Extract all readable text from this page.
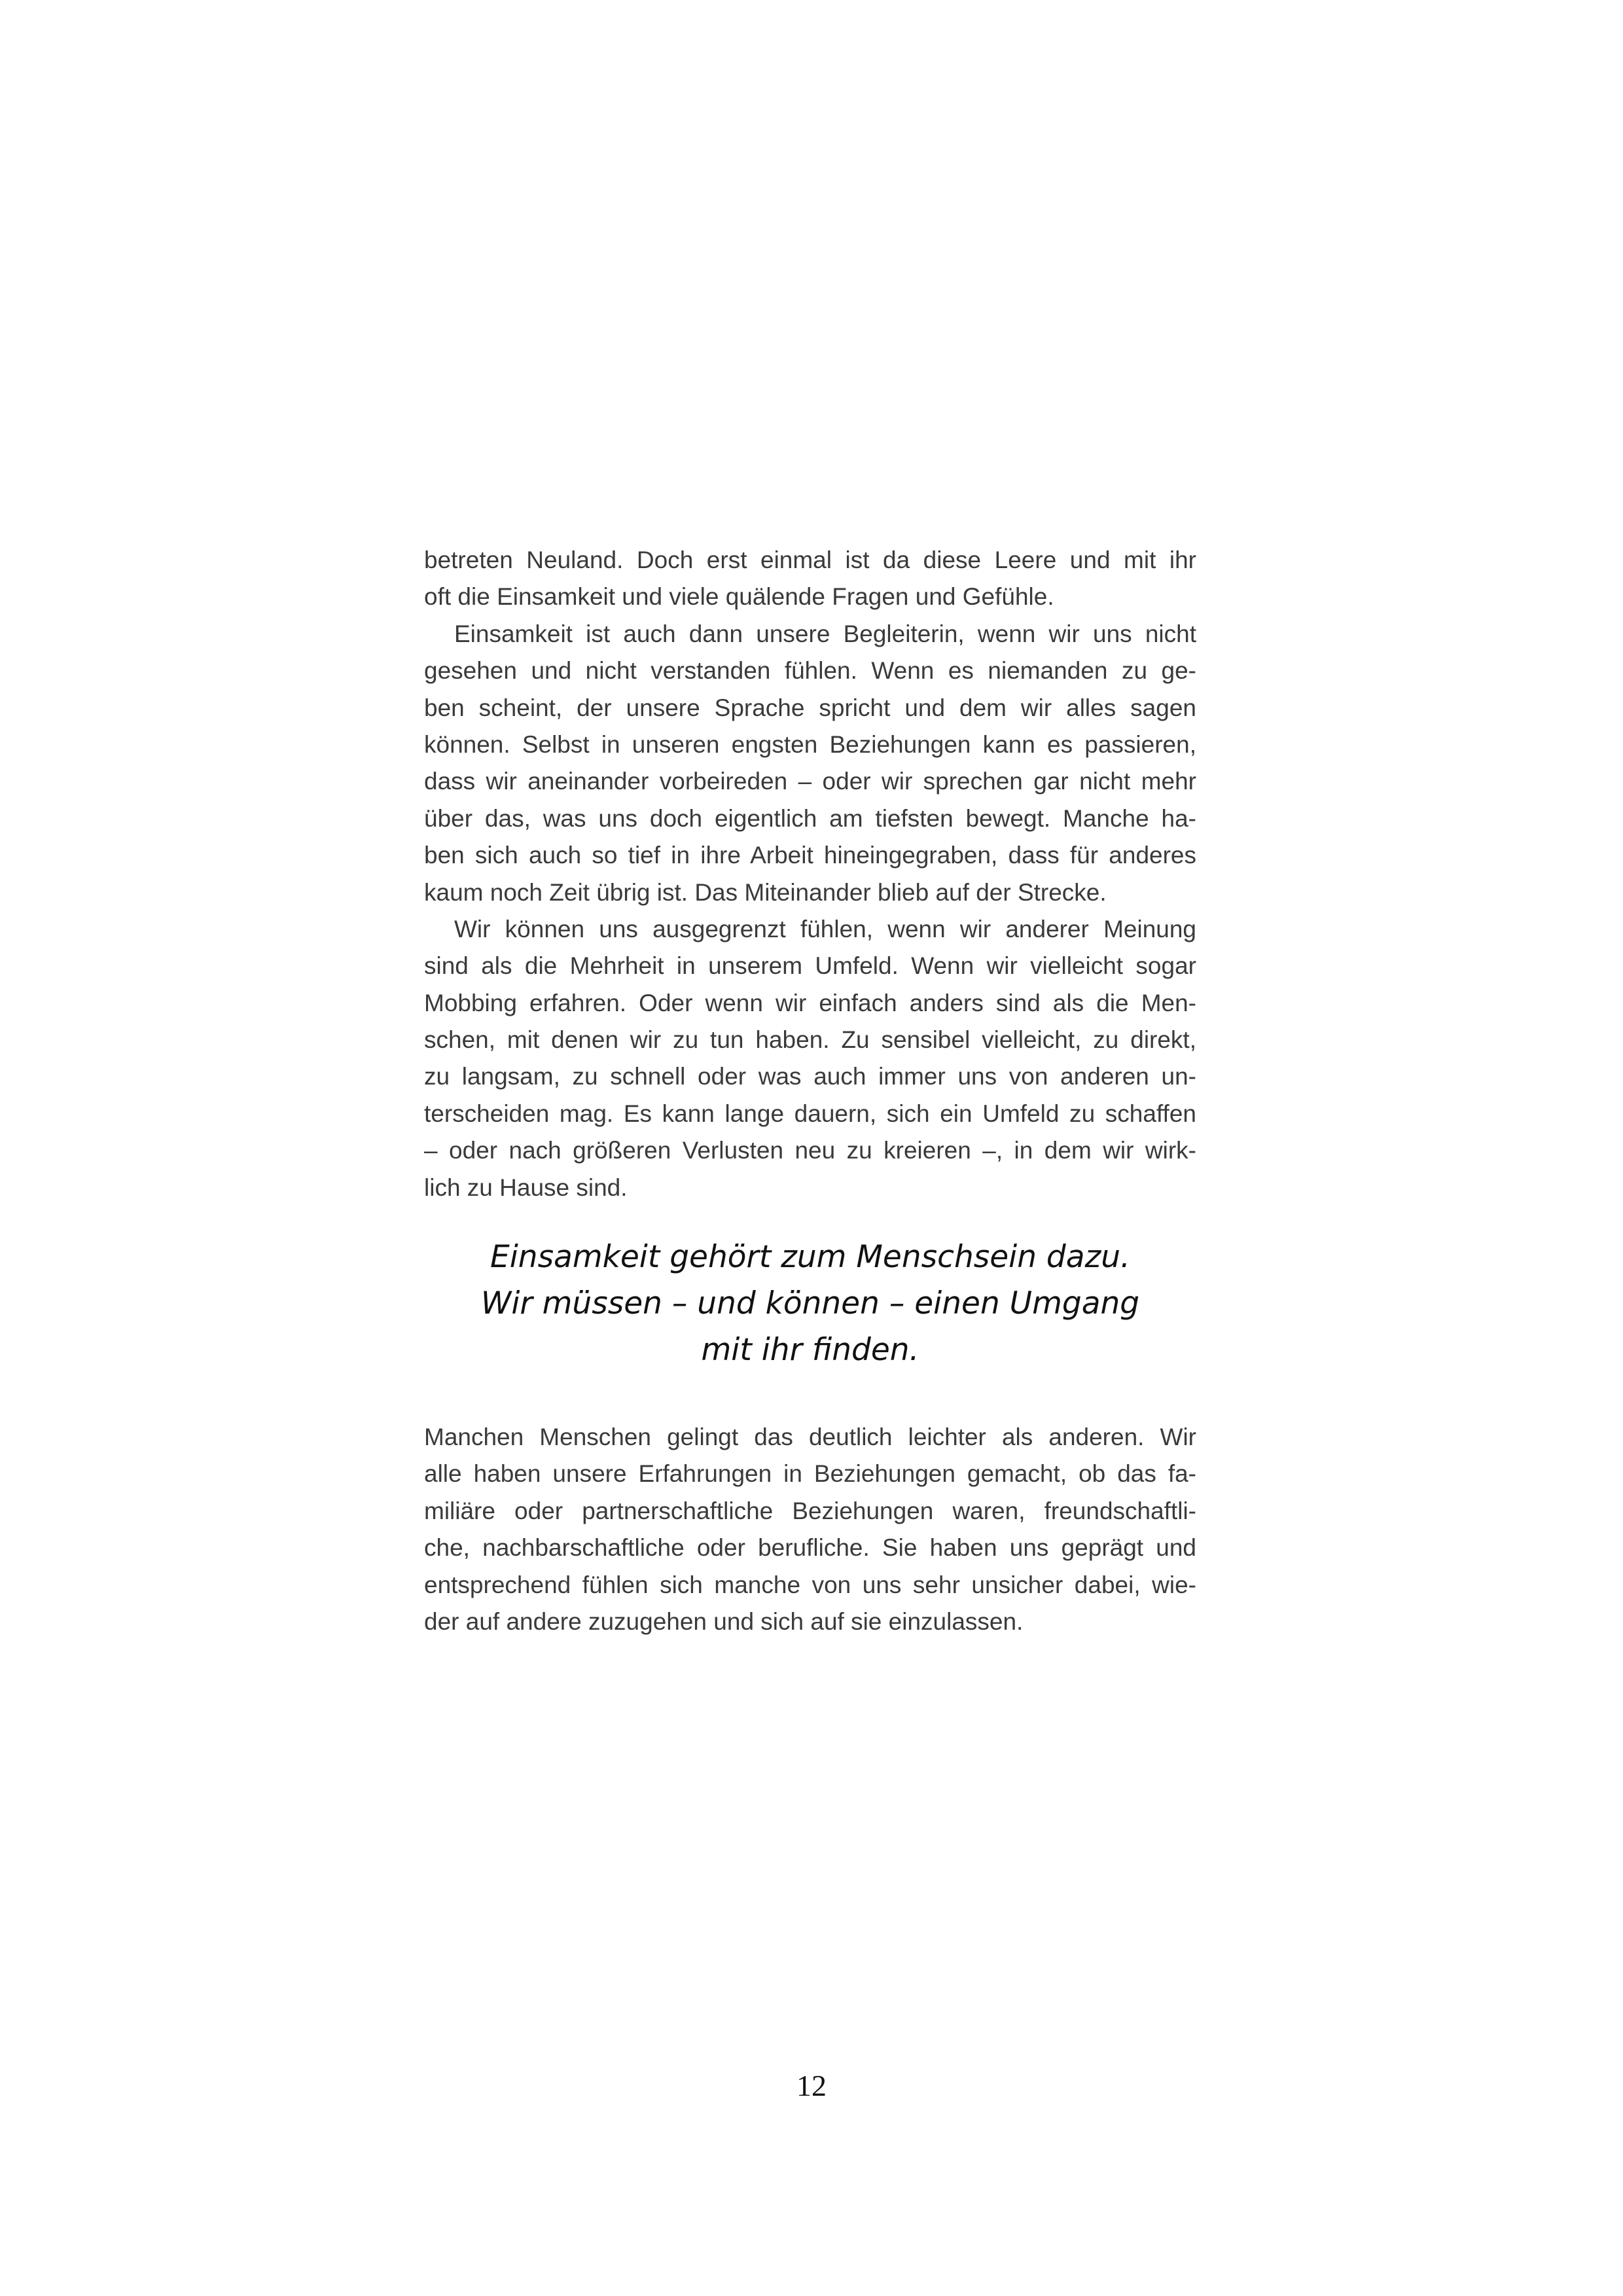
betreten Neuland. Doch erst einmal ist da diese Leere und mit ihr
oft die Einsamkeit und viele quälende Fragen und Gefühle.
Einsamkeit ist auch dann unsere Begleiterin, wenn wir uns nicht
gesehen und nicht verstanden fühlen. Wenn es niemanden zu ge-
ben scheint, der unsere Sprache spricht und dem wir alles sagen
können. Selbst in unseren engsten Beziehungen kann es passieren,
dass wir aneinander vorbeireden – oder wir sprechen gar nicht mehr
über das, was uns doch eigentlich am tiefsten bewegt. Manche ha-
ben sich auch so tief in ihre Arbeit hineingegraben, dass für anderes
kaum noch Zeit übrig ist. Das Miteinander blieb auf der Strecke.
Wir können uns ausgegrenzt fühlen, wenn wir anderer Meinung
sind als die Mehrheit in unserem Umfeld. Wenn wir vielleicht sogar
Mobbing erfahren. Oder wenn wir einfach anders sind als die Men-
schen, mit denen wir zu tun haben. Zu sensibel vielleicht, zu direkt,
zu langsam, zu schnell oder was auch immer uns von anderen un-
terscheiden mag. Es kann lange dauern, sich ein Umfeld zu schaffen
– oder nach größeren Verlusten neu zu kreieren –, in dem wir wirk-
lich zu Hause sind.
Einsamkeit gehört zum Menschsein dazu.
Wir müssen – und können – einen Umgang
mit ihr finden.
Manchen Menschen gelingt das deutlich leichter als anderen. Wir
alle haben unsere Erfahrungen in Beziehungen gemacht, ob das fa-
miliäre oder partnerschaftliche Beziehungen waren, freundschaftli-
che, nachbarschaftliche oder berufliche. Sie haben uns geprägt und
entsprechend fühlen sich manche von uns sehr unsicher dabei, wie-
der auf andere zuzugehen und sich auf sie einzulassen.
12
